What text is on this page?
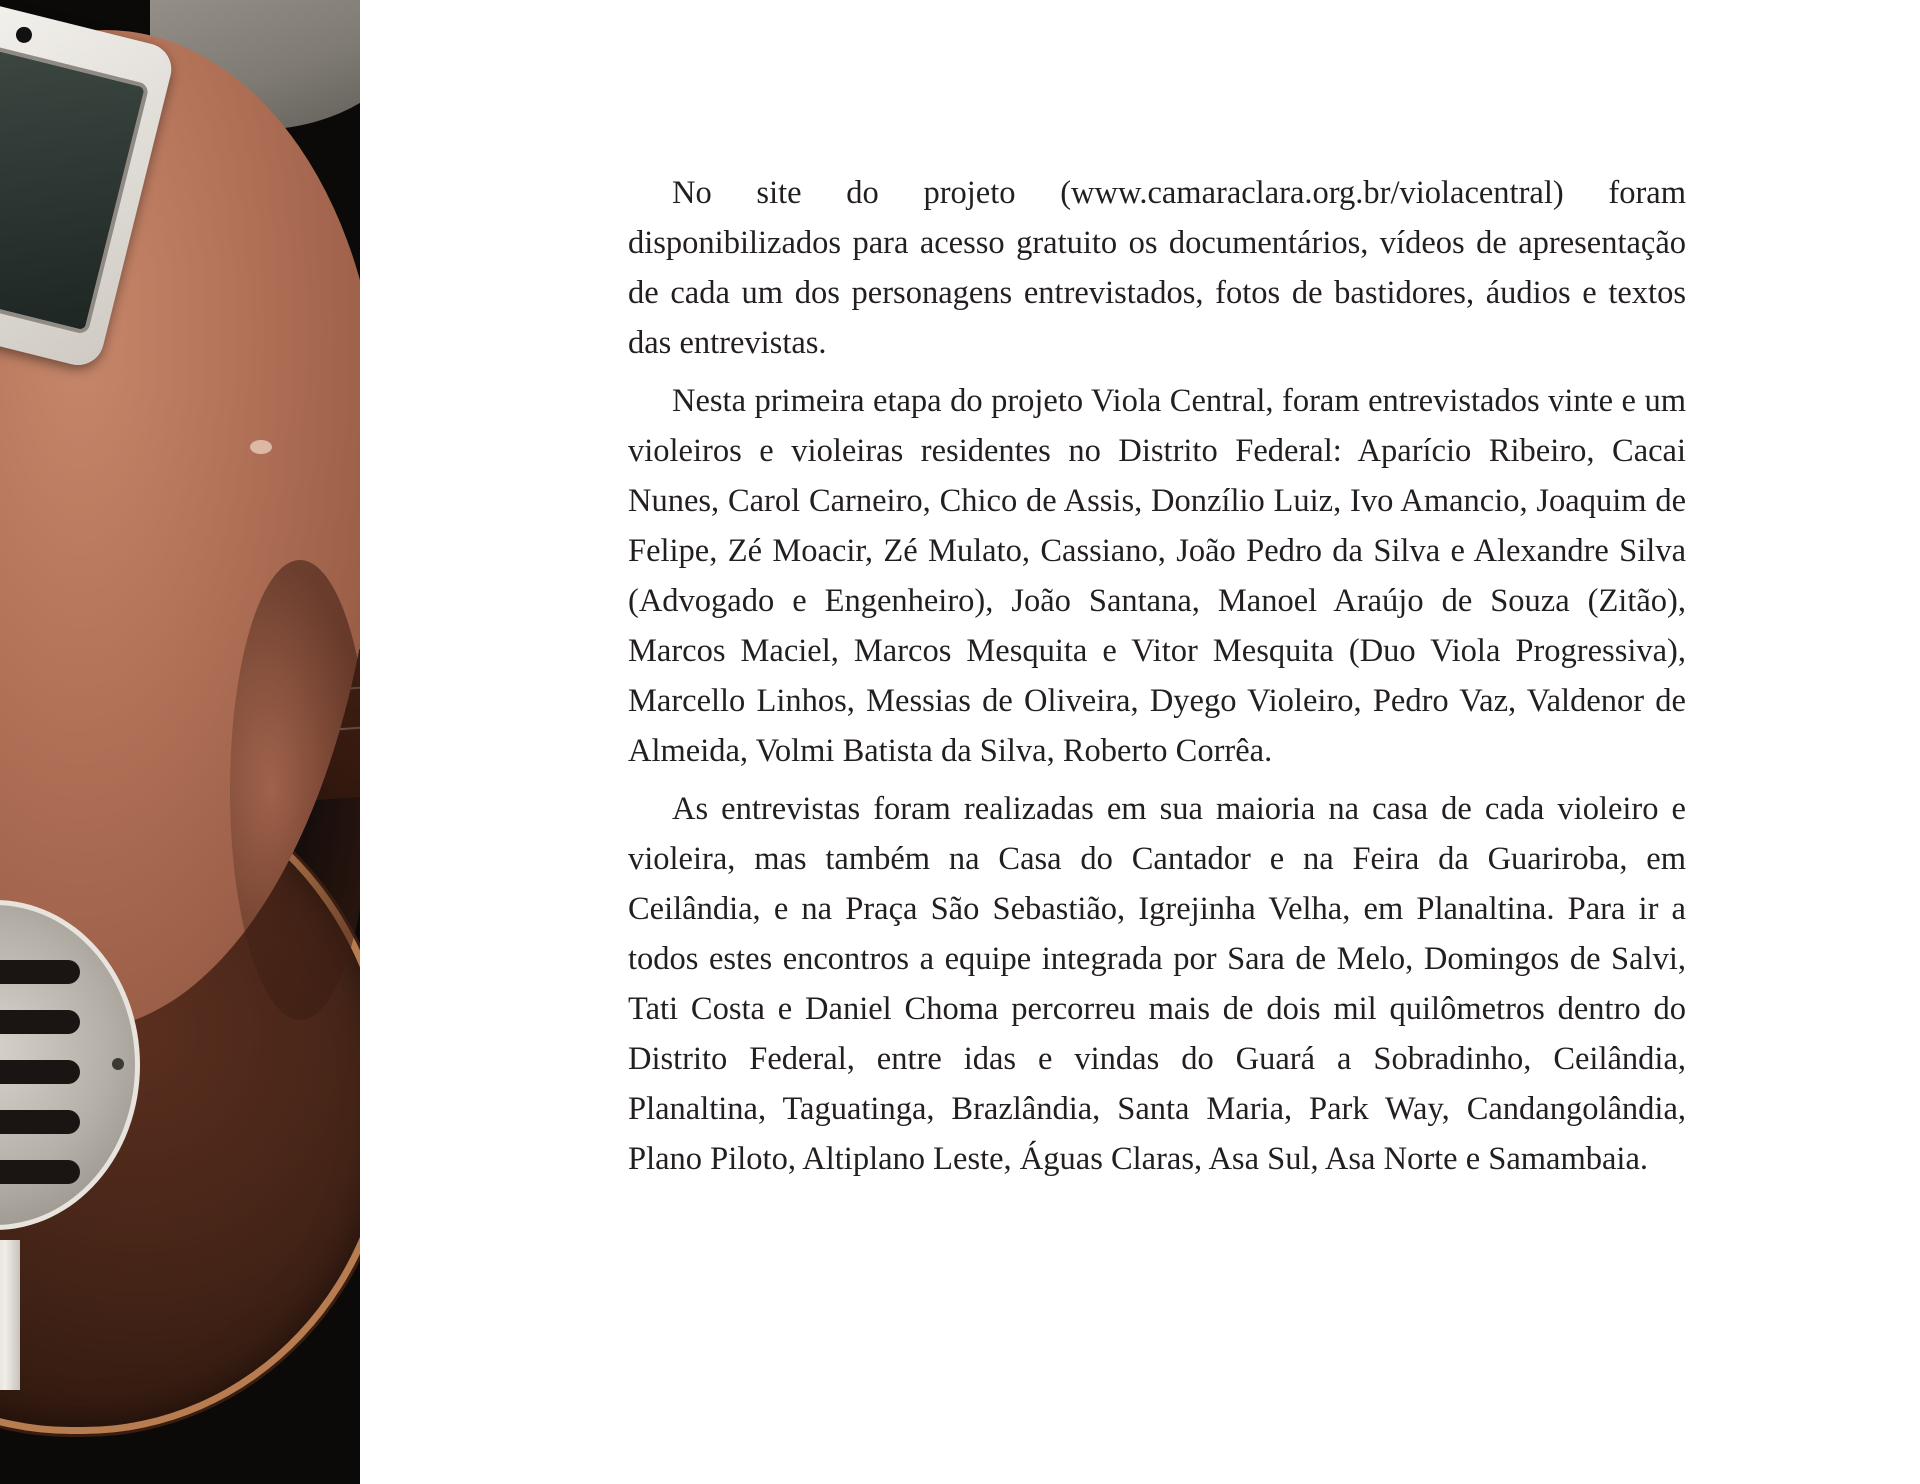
No site do projeto (www.camaraclara.org.br/violacentral) foram disponibilizados para acesso gratuito os documentários, vídeos de apresentação de cada um dos personagens entrevistados, fotos de bastidores, áudios e textos das entrevistas.

Nesta primeira etapa do projeto Viola Central, foram entrevistados vinte e um violeiros e violeiras residentes no Distrito Federal: Aparício Ribeiro, Cacai Nunes, Carol Carneiro, Chico de Assis, Donzílio Luiz, Ivo Amancio, Joaquim de Felipe, Zé Moacir, Zé Mulato, Cassiano, João Pedro da Silva e Alexandre Silva (Advogado e Engenheiro), João Santana, Manoel Araújo de Souza (Zitão), Marcos Maciel, Marcos Mesquita e Vitor Mesquita (Duo Viola Progressiva), Marcello Linhos, Messias de Oliveira, Dyego Violeiro, Pedro Vaz, Valdenor de Almeida, Volmi Batista da Silva, Roberto Corrêa.

As entrevistas foram realizadas em sua maioria na casa de cada violeiro e violeira, mas também na Casa do Cantador e na Feira da Guariroba, em Ceilândia, e na Praça São Sebastião, Igrejinha Velha, em Planaltina. Para ir a todos estes encontros a equipe integrada por Sara de Melo, Domingos de Salvi, Tati Costa e Daniel Choma percorreu mais de dois mil quilômetros dentro do Distrito Federal, entre idas e vindas do Guará a Sobradinho, Ceilândia, Planaltina, Taguatinga, Brazlândia, Santa Maria, Park Way, Candangolândia, Plano Piloto, Altiplano Leste, Águas Claras, Asa Sul, Asa Norte e Samambaia.
